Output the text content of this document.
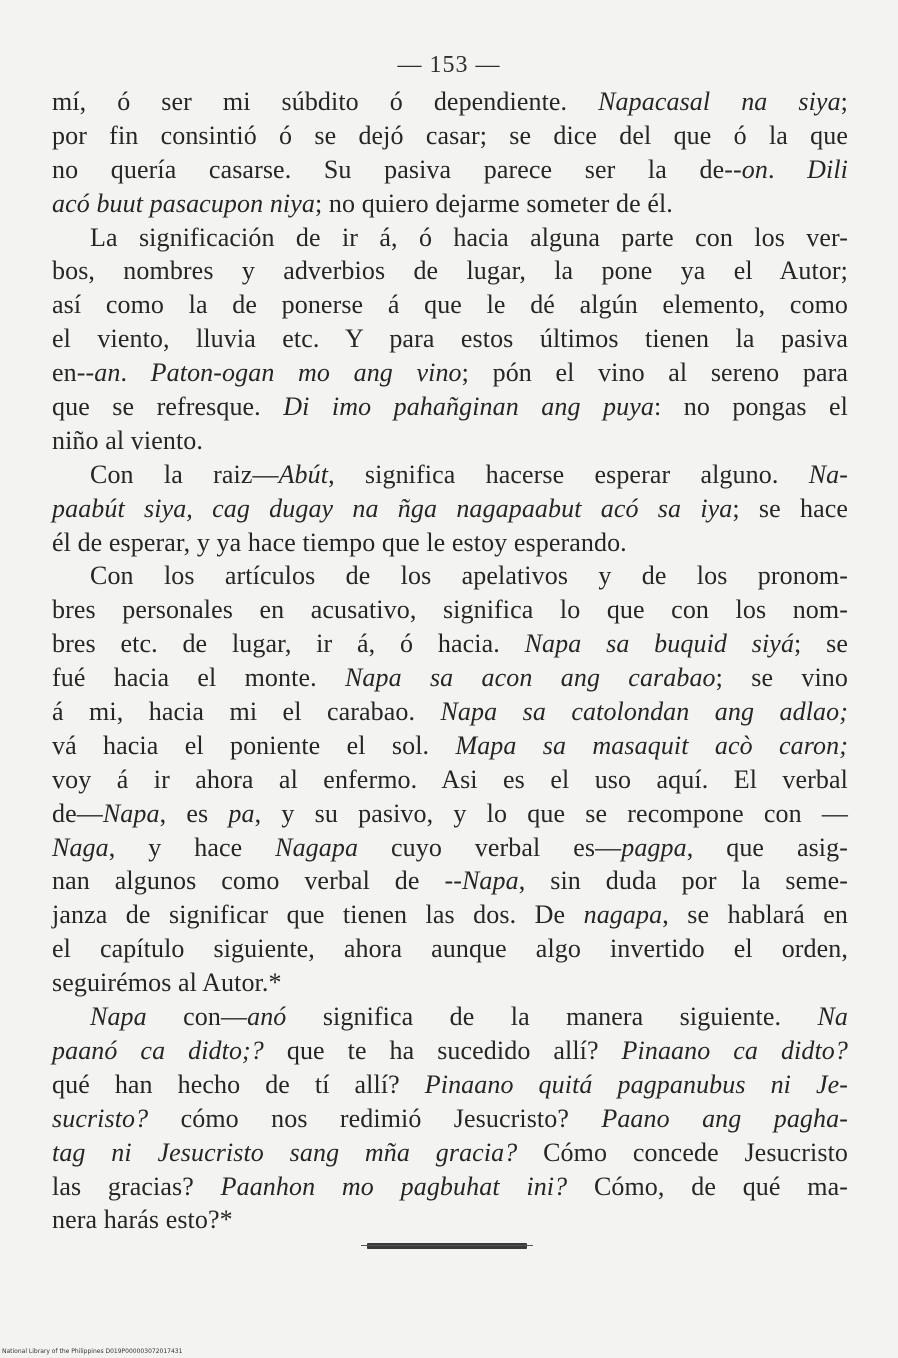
— 153 —
mí, ó ser mi súbdito ó dependiente. Napacasal na siya;
por fin consintió ó se dejó casar; se dice del que ó la que
no quería casarse. Su pasiva parece ser la de--on. Dili
acó buut pasacupon niya; no quiero dejarme someter de él.
La significación de ir á, ó hacia alguna parte con los ver-
bos, nombres y adverbios de lugar, la pone ya el Autor;
así como la de ponerse á que le dé algún elemento, como
el viento, lluvia etc. Y para estos últimos tienen la pasiva
en--an. Paton-ogan mo ang vino; pón el vino al sereno para
que se refresque. Di imo pahañginan ang puya: no pongas el
niño al viento.
Con la raiz—Abút, significa hacerse esperar alguno. Na-
paabút siya, cag dugay na ñga nagapaabut acó sa iya; se hace
él de esperar, y ya hace tiempo que le estoy esperando.
Con los artículos de los apelativos y de los pronom-
bres personales en acusativo, significa lo que con los nom-
bres etc. de lugar, ir á, ó hacia. Napa sa buquid siyá; se
fué hacia el monte. Napa sa acon ang carabao; se vino
á mi, hacia mi el carabao. Napa sa catolondan ang adlao;
vá hacia el poniente el sol. Mapa sa masaquit acò caron;
voy á ir ahora al enfermo. Asi es el uso aquí. El verbal
de—Napa, es pa, y su pasivo, y lo que se recompone con —
Naga, y hace Nagapa cuyo verbal es—pagpa, que asig-
nan algunos como verbal de --Napa, sin duda por la seme-
janza de significar que tienen las dos. De nagapa, se hablará en
el capítulo siguiente, ahora aunque algo invertido el orden,
seguirémos al Autor.*
Napa con—anó significa de la manera siguiente. Na
paanó ca didto;? que te ha sucedido allí? Pinaano ca didto?
qué han hecho de tí allí? Pinaano quitá pagpanubus ni Je-
sucristo? cómo nos redimió Jesucristo? Paano ang pagha-
tag ni Jesucristo sang mña gracia? Cómo concede Jesucristo
las gracias? Paanhon mo pagbuhat ini? Cómo, de qué ma-
nera harás esto?*
National Library of the Philippines D019P000003072017431
